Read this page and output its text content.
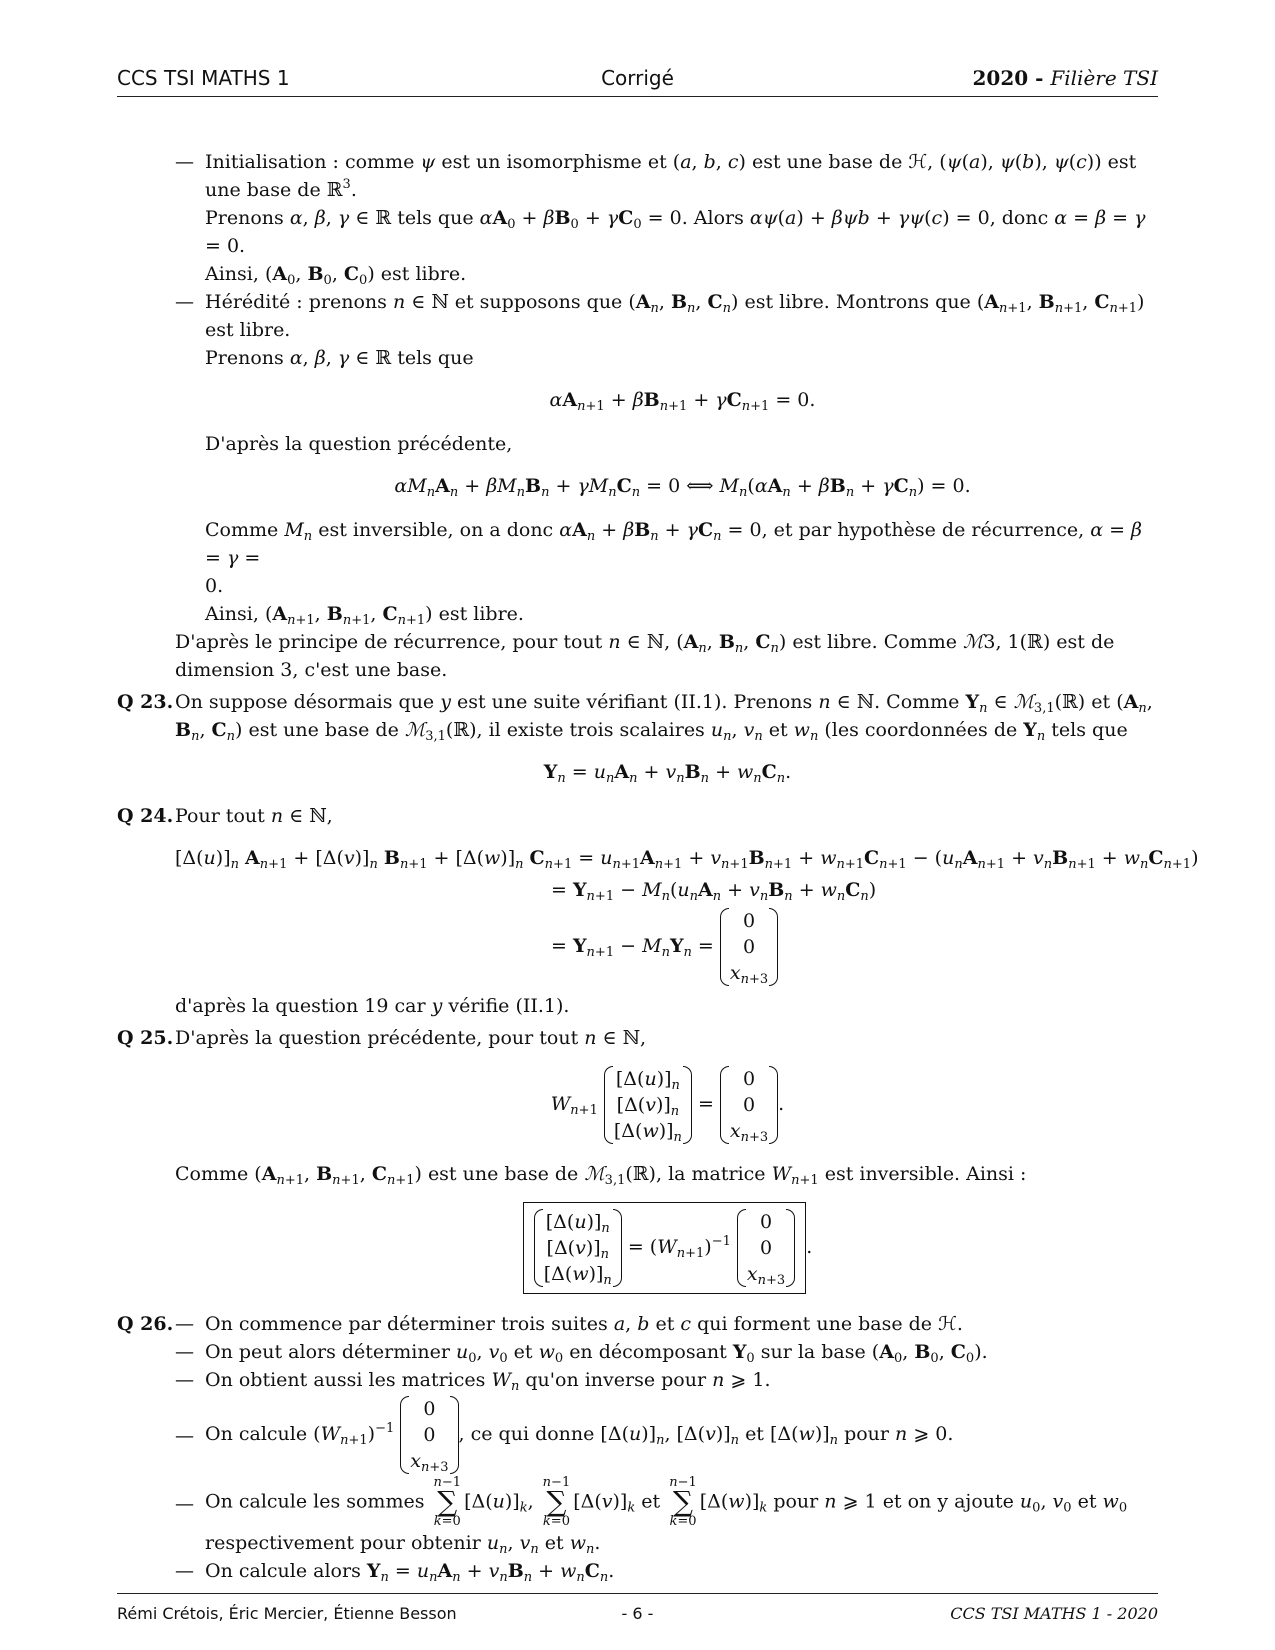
CCS TSI MATHS 1	Corrigé	2020 - Filière TSI
— Initialisation : comme ψ est un isomorphisme et (a, b, c) est une base de ℋ, (ψ(a), ψ(b), ψ(c)) est une base de ℝ$^3$.
Prenons α, β, γ ∈ ℝ tels que $\alpha A_0 + \beta B_0 + \gamma C_0 = 0$. Alors αψ(a) + βψb + γψ(c) = 0, donc α = β = γ = 0.
Ainsi, ($A_0$, $B_0$, $C_0$) est libre.
— Hérédité : prenons n ∈ ℕ et supposons que ($A_n$, $B_n$, $C_n$) est libre. Montrons que ($A_{n+1}$, $B_{n+1}$, $C_{n+1}$) est libre.
Prenons α, β, γ ∈ ℝ tels que
$\alpha A_{n+1} + \beta B_{n+1} + \gamma C_{n+1} = 0$.
D'après la question précédente,
$\alpha M_nA_n + \beta M_nB_n + \gamma M_nC_n = 0$ ⟺ $M_n(\alpha A_n + \beta B_n + \gamma C_n) = 0$.
Comme $M_n$ est inversible, on a donc $\alpha A_n + \beta B_n + \gamma C_n = 0$, et par hypothèse de récurrence, α = β = γ =
0.
Ainsi, ($A_{n+1}$, $B_{n+1}$, $C_{n+1}$) est libre.
D'après le principe de récurrence, pour tout n ∈ ℕ, ($A_n$, $B_n$, $C_n$) est libre. Comme ℳ3, 1(ℝ) est de dimension 3, c'est une base.
Q 23. On suppose désormais que y est une suite vérifiant (II.1). Prenons n ∈ ℕ. Comme $Y_n$ ∈ ℳ$_{3,1}$(ℝ) et ($A_n$, $B_n$, $C_n$) est une base de ℳ$_{3,1}$(ℝ), il existe trois scalaires $u_n$, $v_n$ et $w_n$ (les coordonnées de $Y_n$ tels que
$Y_n = u_nA_n + v_nB_n + w_nC_n$.
Q 24. Pour tout n ∈ ℕ,
$[\Delta(u)]_n$ $A_{n+1} + [\Delta(v)]_n$ $B_{n+1} + [\Delta(w)]_n$ $C_{n+1} = u_{n+1}A_{n+1} + v_{n+1}B_{n+1} + w_{n+1}C_{n+1} - (u_nA_{n+1} + v_nB_{n+1} + w_nC_{n+1})$
= $Y_{n+1} - M_n(u_nA_n + v_nB_n + w_nC_n)$
= $Y_{n+1} - M_nY_n = 0$
0
$x_{n+3}$
d'après la question 19 car y vérifie (II.1).
Q 25. D'après la question précédente, pour tout n ∈ ℕ,
$W_{n+1}$ $[\Delta(u)]_n$
$[\Delta(v)]_n$
$[\Delta(w)]_n = 0$
0
$x_{n+3}$.
Comme ($A_{n+1}$, $B_{n+1}$, $C_{n+1}$) est une base de ℳ$_{3,1}$(ℝ), la matrice $W_{n+1}$ est inversible. Ainsi :
$[\Delta(u)]_n$
$[\Delta(v)]_n$
$[\Delta(w)]_n = (W_{n+1})^{-1}$ 0
0
$x_{n+3}$.
Q 26. — On commence par déterminer trois suites a, b et c qui forment une base de ℋ.
— On peut alors déterminer $u_0$, $v_0$ et $w_0$ en décomposant $Y_0$ sur la base ($A_0$, $B_0$, $C_0$).
— On obtient aussi les matrices $W_n$ qu'on inverse pour n ⩾ 1.
— On calcule $(W_{n+1})^{-1}$ 0
0
$x_{n+3}$, ce qui donne $[\Delta(u)]_n$, $[\Delta(v)]_n$ et $[\Delta(w)]_n$ pour n ⩾ 0.
— On calcule les sommes n−1
∑
$k=0[\Delta(u)]_k$, n−1
∑
$k=0[\Delta(v)]_k$ et n−1
∑
$k=0[\Delta(w)]_k$ pour n ⩾ 1 et on y ajoute $u_0$, $v_0$ et $w_0$
respectivement pour obtenir $u_n$, $v_n$ et $w_n$.
— On calcule alors $Y_n = u_nA_n + v_nB_n + w_nC_n$.
Rémi Crétois, Éric Mercier, Étienne Besson	- 6 -	CCS TSI MATHS 1 - 2020
